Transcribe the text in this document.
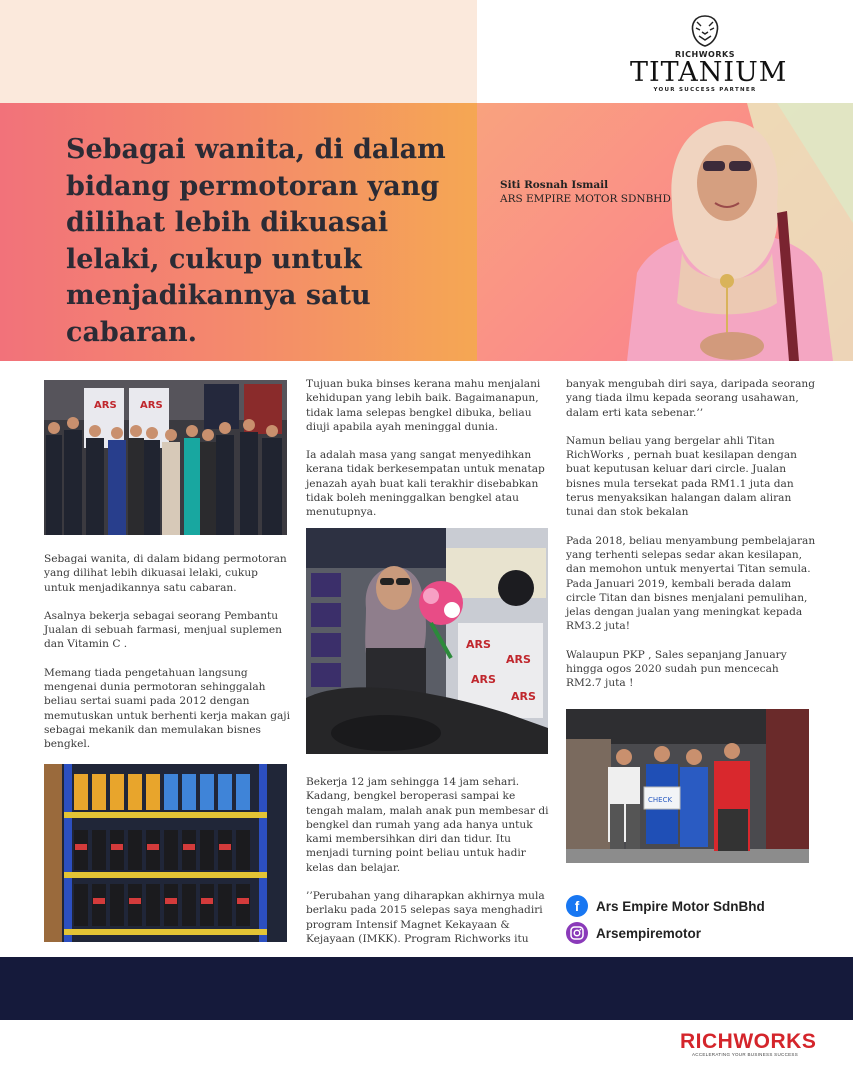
RICHWORKS
TITANIUM
YOUR SUCCESS PARTNER

Sebagai wanita, di dalam bidang permotoran yang dilihat lebih dikuasai lelaki, cukup untuk menjadikannya satu cabaran.

Siti Rosnah Ismail
ARS EMPIRE MOTOR SDNBHD
ARS ARS

Sebagai wanita, di dalam bidang permotoran yang dilihat lebih dikuasai lelaki, cukup untuk menjadikannya satu cabaran.

Asalnya bekerja sebagai seorang Pembantu Jualan di sebuah farmasi, menjual suplemen dan Vitamin C .

Memang tiada pengetahuan langsung mengenai dunia permotoran sehinggalah beliau sertai suami pada 2012 dengan memutuskan untuk berhenti kerja makan gaji sebagai mekanik dan memulakan bisnes bengkel.

Tujuan buka binses kerana mahu menjalani kehidupan yang lebih baik. Bagaimanapun, tidak lama selepas bengkel dibuka, beliau diuji apabila ayah meninggal dunia.

Ia adalah masa yang sangat menyedihkan kerana tidak berkesempatan untuk menatap jenazah ayah buat kali terakhir disebabkan tidak boleh meninggalkan bengkel atau menutupnya.

ARS
ARS
ARS
ARS

Bekerja 12 jam sehingga 14 jam sehari. Kadang, bengkel beroperasi sampai ke tengah malam, malah anak pun membesar di bengkel dan rumah yang ada hanya untuk kami membersihkan diri dan tidur. Itu menjadi turning point beliau untuk hadir kelas dan belajar.

’’Perubahan yang diharapkan akhirnya mula berlaku pada 2015 selepas saya menghadiri program Intensif Magnet Kekayaan & Kejayaan (IMKK). Program Richworks itu

banyak mengubah diri saya, daripada seorang yang tiada ilmu kepada seorang usahawan, dalam erti kata sebenar.’’

Namun beliau yang bergelar ahli Titan RichWorks , pernah buat kesilapan dengan buat keputusan keluar dari circle. Jualan bisnes mula tersekat pada RM1.1 juta dan terus menyaksikan halangan dalam aliran tunai dan stok bekalan

Pada 2018, beliau menyambung pembelajaran yang terhenti selepas sedar akan kesilapan, dan memohon untuk menyertai Titan semula. Pada Januari 2019, kembali berada dalam circle Titan dan bisnes menjalani pemulihan, jelas dengan jualan yang meningkat kepada RM3.2 juta!

Walaupun PKP , Sales sepanjang January hingga ogos 2020 sudah pun mencecah RM2.7 juta !

CHECK
f	Ars Empire Motor SdnBhd
Arsempiremotor
RICHWORKS
ACCELERATING YOUR BUSINESS SUCCESS
